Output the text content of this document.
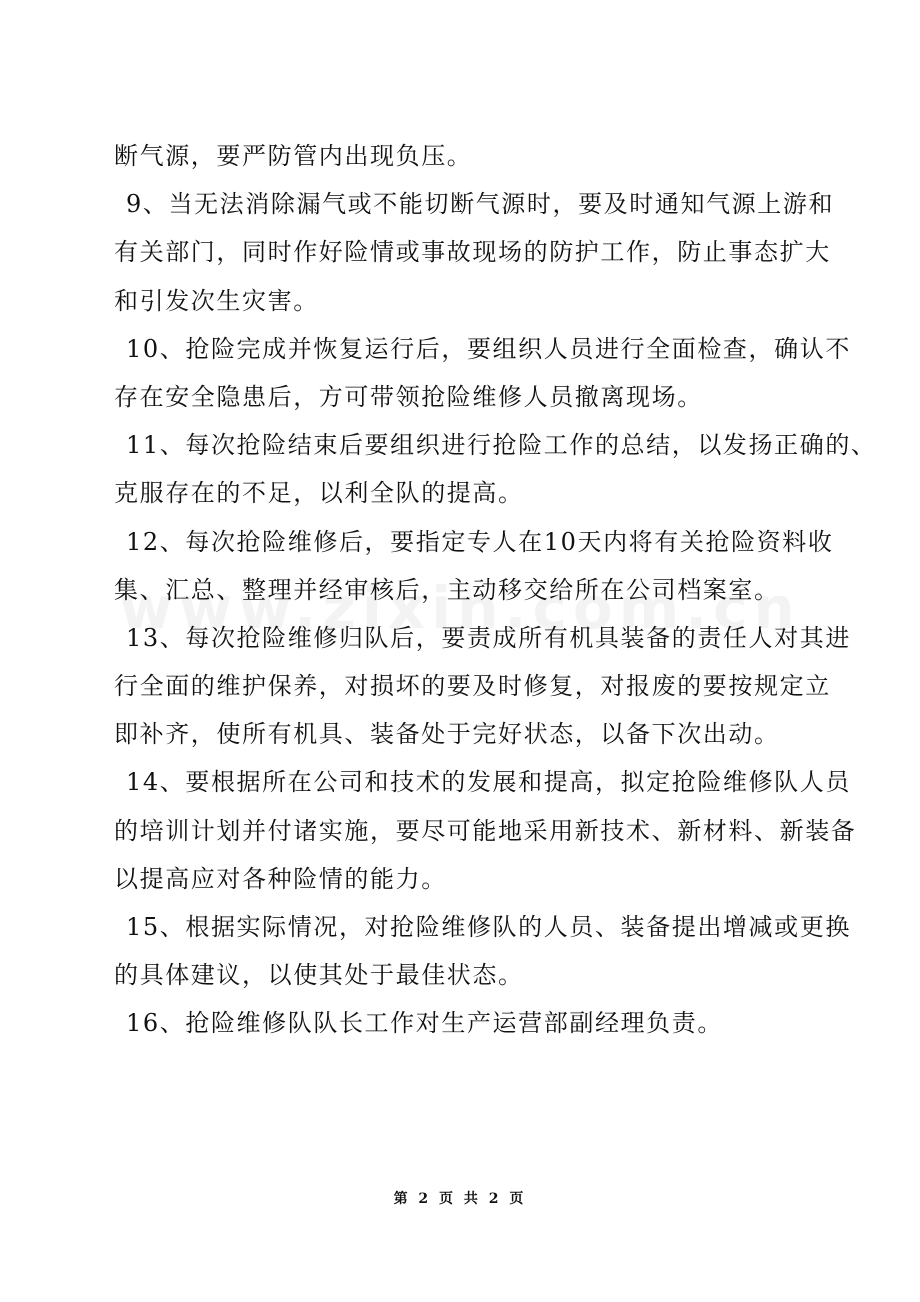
断气源，要严防管内出现负压。
9、当无法消除漏气或不能切断气源时，要及时通知气源上游和
有关部门，同时作好险情或事故现场的防护工作，防止事态扩大
和引发次生灾害。
10、抢险完成并恢复运行后，要组织人员进行全面检查，确认不
存在安全隐患后，方可带领抢险维修人员撤离现场。
11、每次抢险结束后要组织进行抢险工作的总结，以发扬正确的、
克服存在的不足，以利全队的提高。
12、每次抢险维修后，要指定专人在10天内将有关抢险资料收
集、汇总、整理并经审核后，主动移交给所在公司档案室。
13、每次抢险维修归队后，要责成所有机具装备的责任人对其进
行全面的维护保养，对损坏的要及时修复，对报废的要按规定立
即补齐，使所有机具、装备处于完好状态，以备下次出动。
14、要根据所在公司和技术的发展和提高，拟定抢险维修队人员
的培训计划并付诸实施，要尽可能地采用新技术、新材料、新装备
以提高应对各种险情的能力。
15、根据实际情况，对抢险维修队的人员、装备提出增减或更换
的具体建议，以使其处于最佳状态。
16、抢险维修队队长工作对生产运营部副经理负责。
第 2 页 共 2 页
